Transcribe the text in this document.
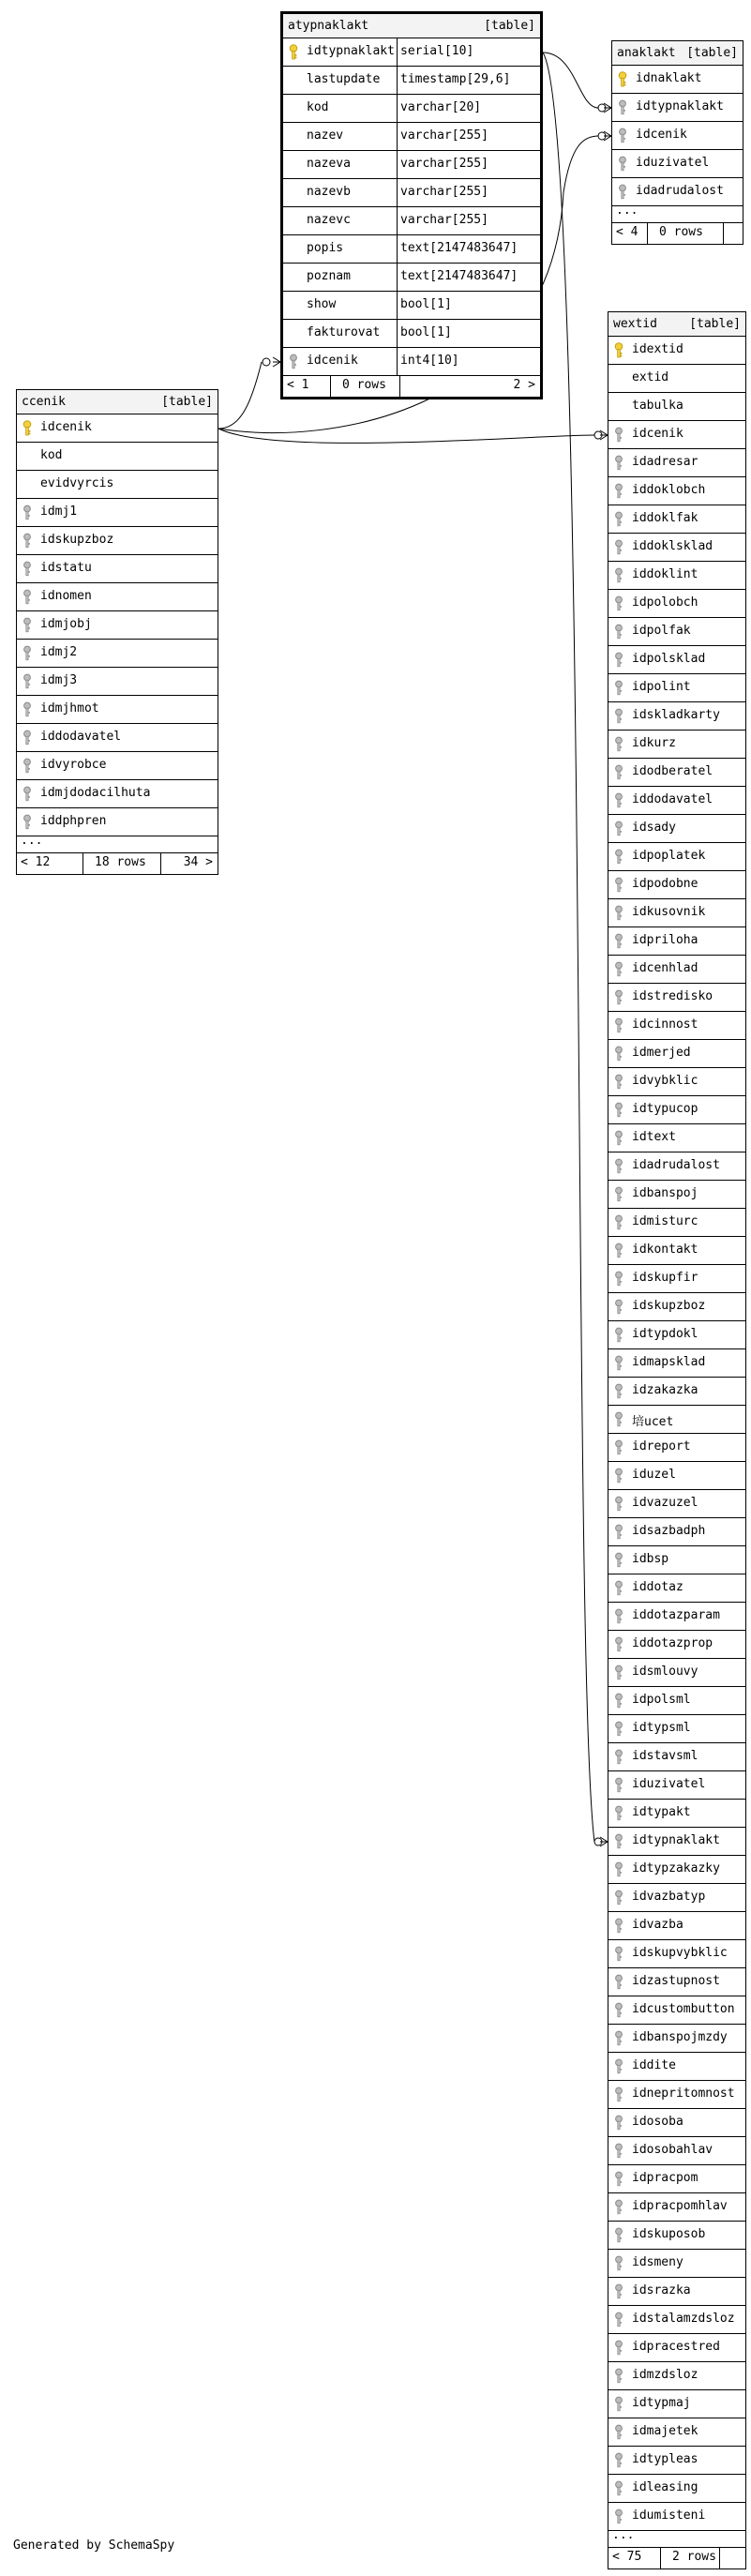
atypnaklakt	[table]
idtypnaklakt serial[10]
lastupdate timestamp[29,6]
kod	varchar[20]
nazev	varchar[255]
nazeva	varchar[255]
nazevb	varchar[255]
nazevc	varchar[255]
popis	text[2147483647]
poznam	text[2147483647]
show	bool[1]
fakturovat bool[1]
idcenik	int4[10]
< 1	0 rows	2 >
anaklakt [table]
idnaklakt
idtypnaklakt
idcenik
iduzivatel
idadrudalost
...
< 4 0 rows
ccenik	[table]
idcenik
kod
evidvyrcis
idmj1
idskupzboz
idstatu
idnomen
idmjobj
idmj2
idmj3
idmjhmot
iddodavatel
idvyrobce
idmjdodacilhuta
iddphpren
...
< 12	18 rows	34 >
wextid	[table]
idextid
extid
tabulka
idcenik
idadresar
iddoklobch
iddoklfak
iddoklsklad
iddoklint
idpolobch
idpolfak
idpolsklad
idpolint
idskladkarty
idkurz
idodberatel
iddodavatel
idsady
idpoplatek
idpodobne
idkusovnik
idpriloha
idcenhlad
idstredisko
idcinnost
idmerjed
idvybklic
idtypucop
idtext
idadrudalost
idbanspoj
idmisturc
idkontakt
idskupfir
idskupzboz
idtypdokl
idmapsklad
idzakazka
培ucet
idreport
iduzel
idvazuzel
idsazbadph
idbsp
iddotaz
iddotazparam
iddotazprop
idsmlouvy
idpolsml
idtypsml
idstavsml
iduzivatel
idtypakt
idtypnaklakt
idtypzakazky
idvazbatyp
idvazba
idskupvybklic
idzastupnost
idcustombutton
idbanspojmzdy
iddite
idnepritomnost
idosoba
idosobahlav
idpracpom
idpracpomhlav
idskuposob
idsmeny
idsrazka
idstalamzdsloz
idpracestred
idmzdsloz
idtypmaj
idmajetek
idtypleas
idleasing
idumisteni
...
< 75	2 rows
Generated by SchemaSpy
